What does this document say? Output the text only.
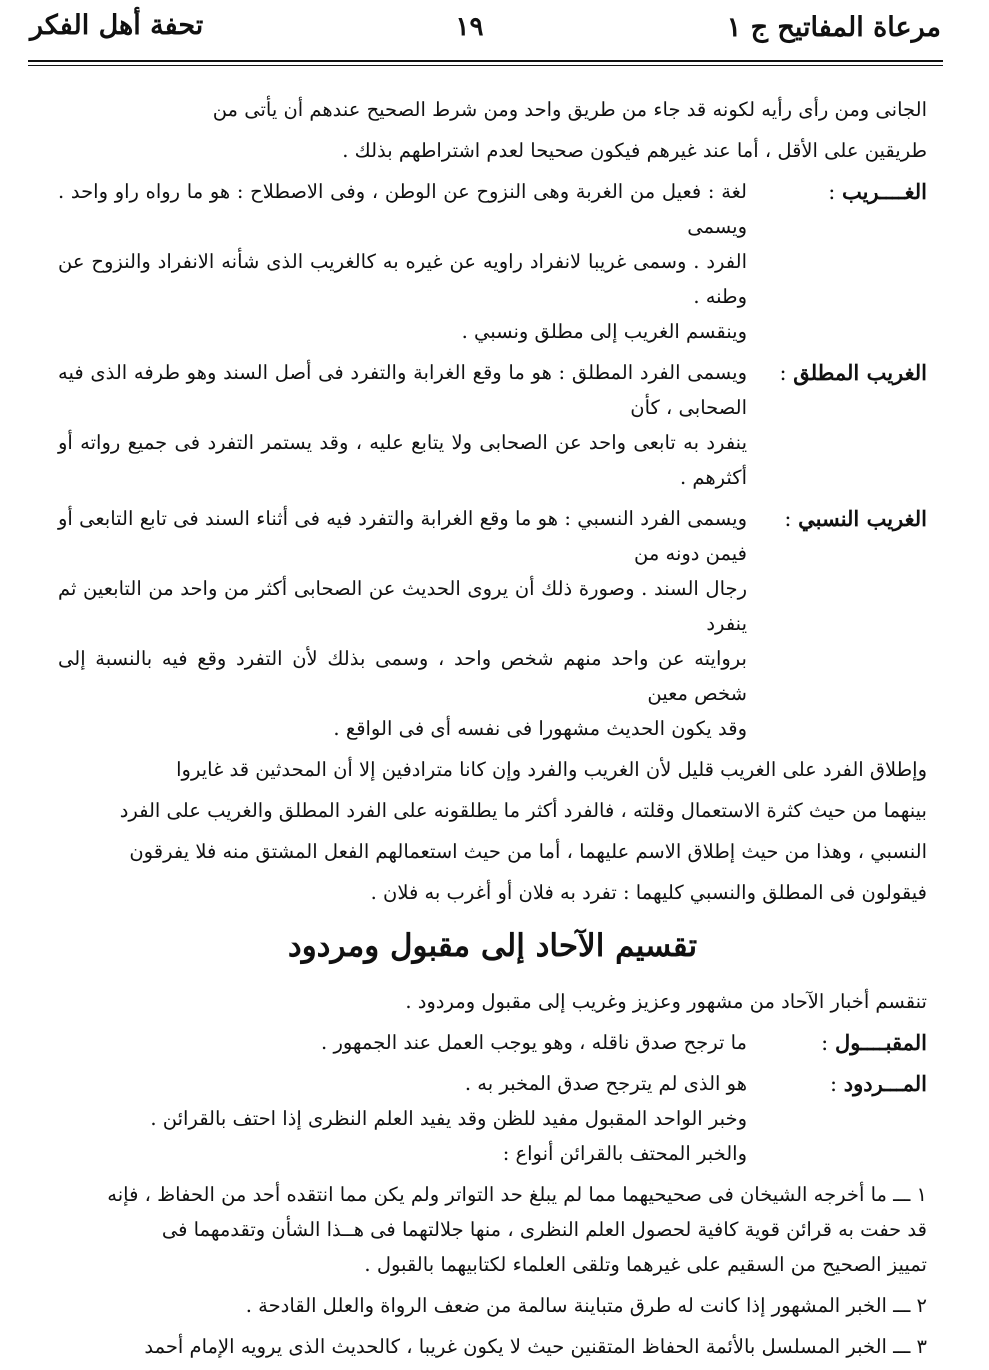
مرعاة المفاتيح ج ١
١٩
تحفة أهل الفكر

الجانى ومن رأى رأيه لكونه قد جاء من طريق واحد ومن شرط الصحيح عندهم أن يأتى من

طريقين على الأقل ، أما عند غيرهم فيكون صحيحا لعدم اشتراطهم بذلك .

الغــــريب :

لغة : فعيل من الغربة وهى النزوح عن الوطن ، وفى الاصطلاح : هو ما رواه راو واحد . ويسمى

الفرد . وسمى غريبا لانفراد راويه عن غيره به كالغريب الذى شأنه الانفراد والنزوح عن وطنه .

وينقسم الغريب إلى مطلق ونسبي .

الغريب المطلق :

ويسمى الفرد المطلق : هو ما وقع الغرابة والتفرد فى أصل السند وهو طرفه الذى فيه الصحابى ، كأن

ينفرد به تابعى واحد عن الصحابى ولا يتابع عليه ، وقد يستمر التفرد فى جميع رواته أو أكثرهم .

الغريب النسبي :

ويسمى الفرد النسبي : هو ما وقع الغرابة والتفرد فيه فى أثناء السند فى تابع التابعى أو فيمن دونه من

رجال السند . وصورة ذلك أن يروى الحديث عن الصحابى أكثر من واحد من التابعين ثم ينفرد

بروايته عن واحد منهم شخص واحد ، وسمى بذلك لأن التفرد وقع فيه بالنسبة إلى شخص معين

وقد يكون الحديث مشهورا فى نفسه أى فى الواقع .

وإطلاق الفرد على الغريب قليل لأن الغريب والفرد وإن كانا مترادفين إلا أن المحدثين قد غايروا

بينهما من حيث كثرة الاستعمال وقلته ، فالفرد أكثر ما يطلقونه على الفرد المطلق والغريب على الفرد

النسبي ، وهذا من حيث إطلاق الاسم عليهما ، أما من حيث استعمالهم الفعل المشتق منه فلا يفرقون

فيقولون فى المطلق والنسبي كليهما : تفرد به فلان أو أغرب به فلان .

تقسيم الآحاد إلى مقبول ومردود

تنقسم أخبار الآحاد من مشهور وعزيز وغريب إلى مقبول ومردود .

المقبــــول :

ما ترجح صدق ناقله ، وهو يوجب العمل عند الجمهور .

المـــردود :

هو الذى لم يترجح صدق المخبر به .

وخبر الواحد المقبول مفيد للظن وقد يفيد العلم النظرى إذا احتف بالقرائن .

والخبر المحتف بالقرائن أنواع :

١ ـــ ما أخرجه الشيخان فى صحيحيهما مما لم يبلغ حد التواتر ولم يكن مما انتقده أحد من الحفاظ ، فإنه

قد حفت به قرائن قوية كافية لحصول العلم النظرى ، منها جلالتهما فى هــذا الشأن وتقدمهما فى

تمييز الصحيح من السقيم على غيرهما وتلقى العلماء لكتابيهما بالقبول .

٢ ـــ الخبر المشهور إذا كانت له طرق متباينة سالمة من ضعف الرواة والعلل القادحة .

٣ ـــ الخبر المسلسل بالأئمة الحفاظ المتقنين حيث لا يكون غريبا ، كالحديث الذى يرويه الإمام أحمد
